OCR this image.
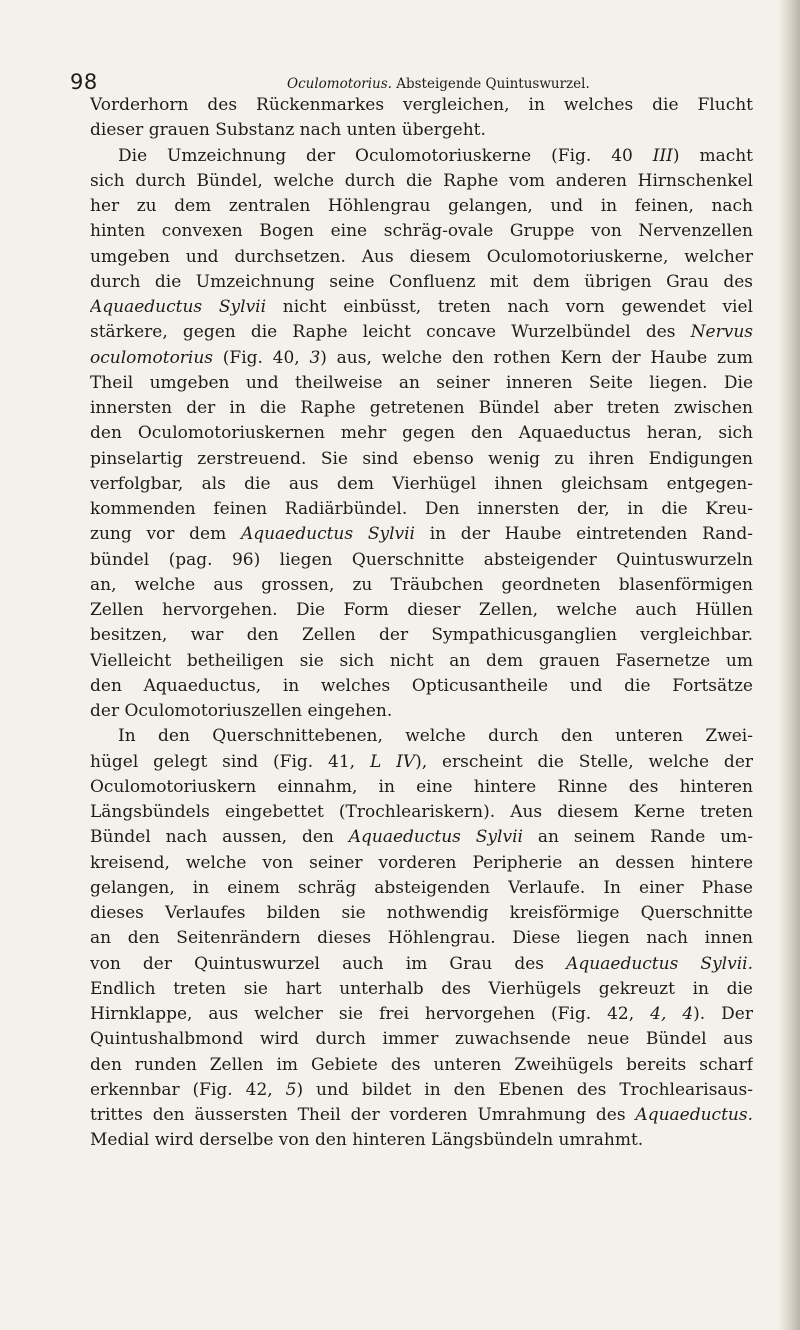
98	Oculomotorius. Absteigende Quintuswurzel.
Vorderhorn des Rückenmarkes vergleichen, in welches die Flucht
dieser grauen Substanz nach unten übergeht.
Die Umzeichnung der Oculomotoriuskerne (Fig. 40 III) macht
sich durch Bündel, welche durch die Raphe vom anderen Hirnschenkel
her zu dem zentralen Höhlengrau gelangen, und in feinen, nach
hinten convexen Bogen eine schräg-ovale Gruppe von Nervenzellen
umgeben und durchsetzen. Aus diesem Oculomotoriuskerne, welcher
durch die Umzeichnung seine Confluenz mit dem übrigen Grau des
Aquaeductus Sylvii nicht einbüsst, treten nach vorn gewendet viel
stärkere, gegen die Raphe leicht concave Wurzelbündel des Nervus
oculomotorius (Fig. 40, 3) aus, welche den rothen Kern der Haube zum
Theil umgeben und theilweise an seiner inneren Seite liegen. Die
innersten der in die Raphe getretenen Bündel aber treten zwischen
den Oculomotoriuskernen mehr gegen den Aquaeductus heran, sich
pinselartig zerstreuend. Sie sind ebenso wenig zu ihren Endigungen
verfolgbar, als die aus dem Vierhügel ihnen gleichsam entgegen-
kommenden feinen Radiärbündel. Den innersten der, in die Kreu-
zung vor dem Aquaeductus Sylvii in der Haube eintretenden Rand-
bündel (pag. 96) liegen Querschnitte absteigender Quintuswurzeln
an, welche aus grossen, zu Träubchen geordneten blasenförmigen
Zellen hervorgehen. Die Form dieser Zellen, welche auch Hüllen
besitzen, war den Zellen der Sympathicusganglien vergleichbar.
Vielleicht betheiligen sie sich nicht an dem grauen Fasernetze um
den Aquaeductus, in welches Opticusantheile und die Fortsätze
der Oculomotoriuszellen eingehen.
In den Querschnittebenen, welche durch den unteren Zwei-
hügel gelegt sind (Fig. 41, L IV), erscheint die Stelle, welche der
Oculomotoriuskern einnahm, in eine hintere Rinne des hinteren
Längsbündels eingebettet (Trochleariskern). Aus diesem Kerne treten
Bündel nach aussen, den Aquaeductus Sylvii an seinem Rande um-
kreisend, welche von seiner vorderen Peripherie an dessen hintere
gelangen, in einem schräg absteigenden Verlaufe. In einer Phase
dieses Verlaufes bilden sie nothwendig kreisförmige Querschnitte
an den Seitenrändern dieses Höhlengrau. Diese liegen nach innen
von der Quintuswurzel auch im Grau des Aquaeductus Sylvii.
Endlich treten sie hart unterhalb des Vierhügels gekreuzt in die
Hirnklappe, aus welcher sie frei hervorgehen (Fig. 42, 4, 4). Der
Quintushalbmond wird durch immer zuwachsende neue Bündel aus
den runden Zellen im Gebiete des unteren Zweihügels bereits scharf
erkennbar (Fig. 42, 5) und bildet in den Ebenen des Trochlearisaus-
trittes den äussersten Theil der vorderen Umrahmung des Aquaeductus.
Medial wird derselbe von den hinteren Längsbündeln umrahmt.
